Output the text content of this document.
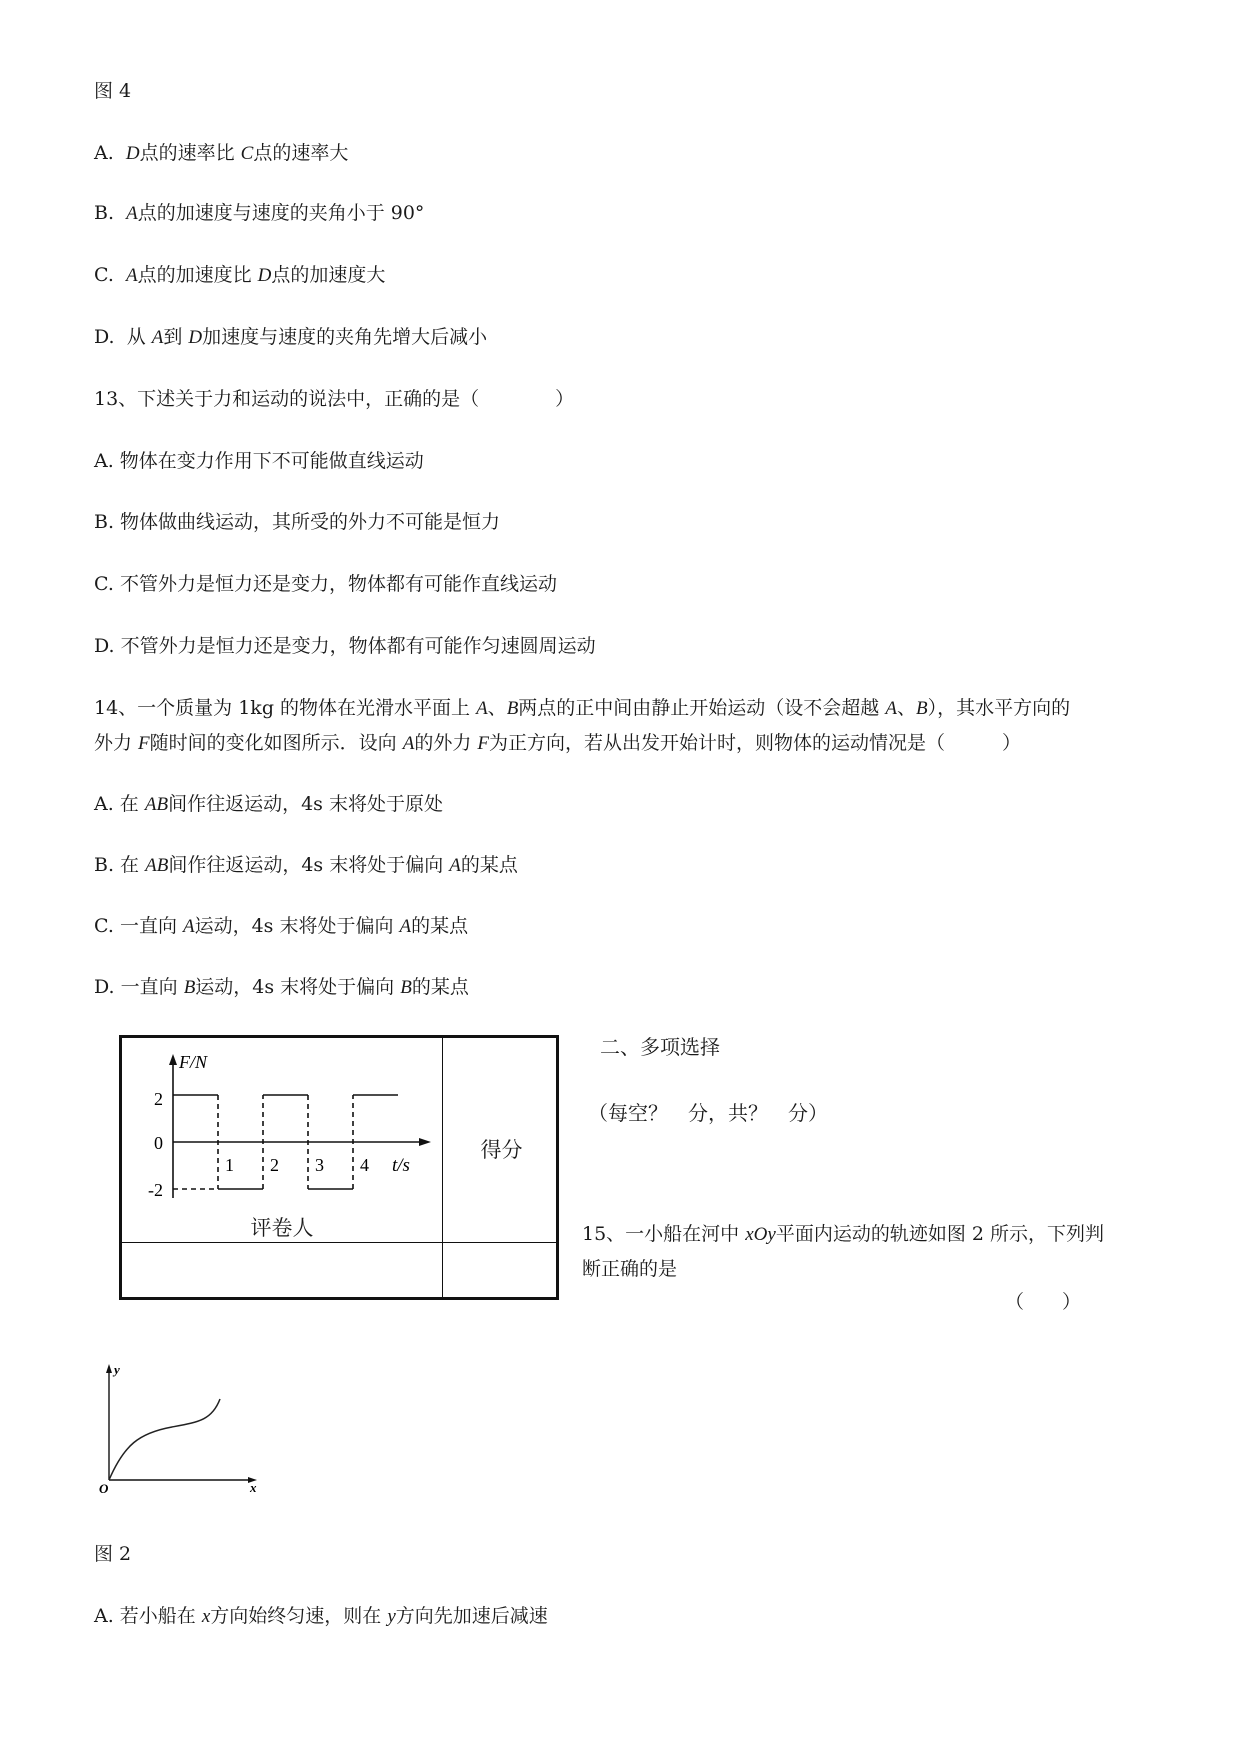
图 4
A. D点的速率比 C点的速率大
B. A点的加速度与速度的夹角小于 90°
C. A点的加速度比 D点的加速度大
D. 从 A到 D加速度与速度的夹角先增大后减小
13、下述关于力和运动的说法中，正确的是（　　　　）
A. 物体在变力作用下不可能做直线运动
B. 物体做曲线运动，其所受的外力不可能是恒力
C. 不管外力是恒力还是变力，物体都有可能作直线运动
D. 不管外力是恒力还是变力，物体都有可能作匀速圆周运动
14、一个质量为 1kg 的物体在光滑水平面上 A、B两点的正中间由静止开始运动（设不会超越 A、B），其水平方向的
外力 F随时间的变化如图所示．设向 A的外力 F为正方向，若从出发开始计时，则物体的运动情况是（　　　）
A. 在 AB间作往返运动，4s 末将处于原处
B. 在 AB间作往返运动，4s 末将处于偏向 A的某点
C. 一直向 A运动，4s 末将处于偏向 A的某点
D. 一直向 B运动，4s 末将处于偏向 B的某点
得分
评卷人
F/N
t/s
2
0
-2
1 2 3 4
二、多项选择
（每空？　分，共？　分）
15、一小船在河中 xOy平面内运动的轨迹如图 2 所示，下列判
断正确的是
（　　）
y
O	x
图 2
A. 若小船在 x方向始终匀速，则在 y方向先加速后减速
